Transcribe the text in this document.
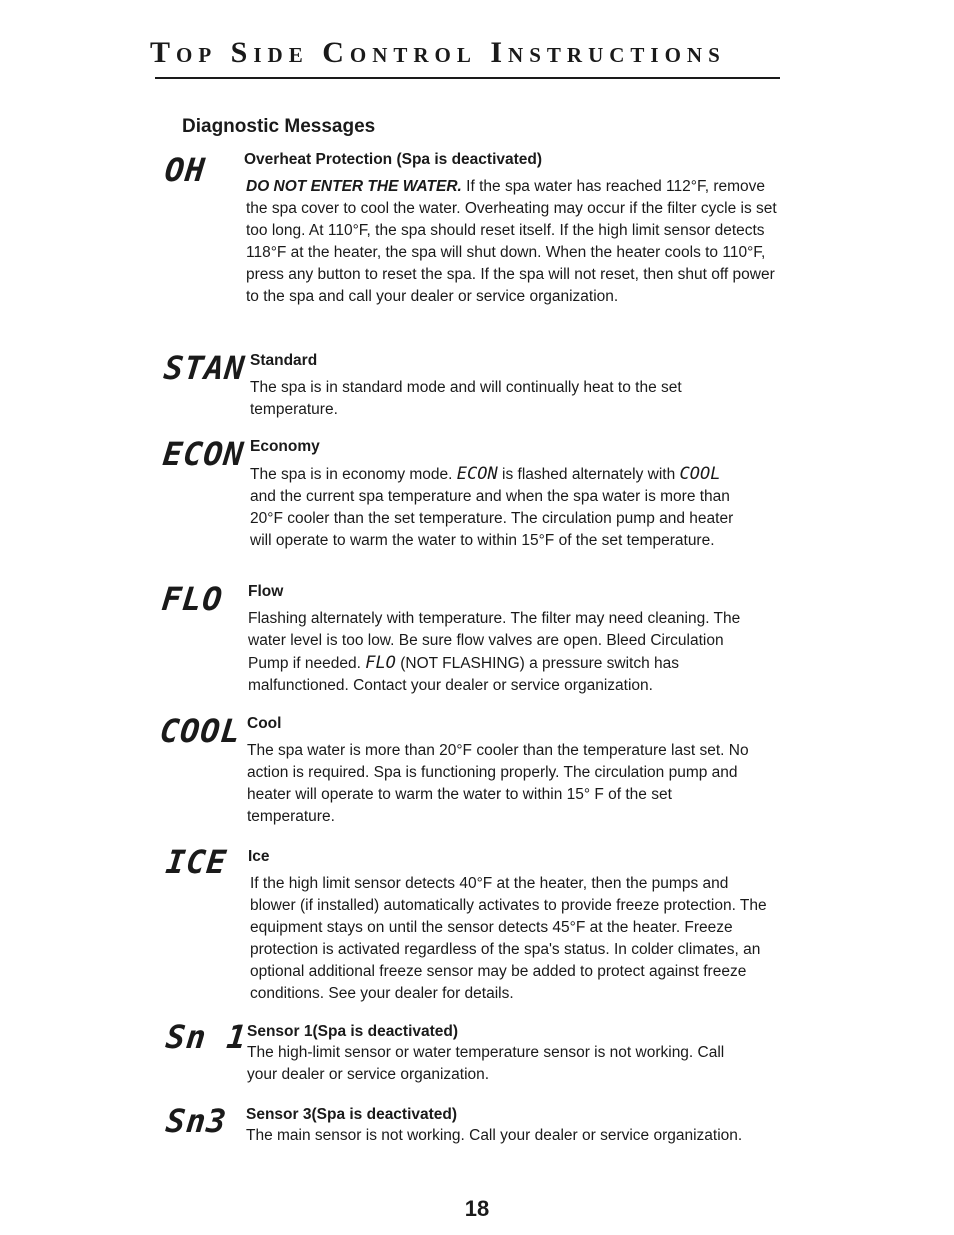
Top Side Control Instructions
Diagnostic Messages
OH Overheat Protection (Spa is deactivated)
DO NOT ENTER THE WATER. If the spa water has reached 112°F, remove the spa cover to cool the water. Overheating may occur if the filter cycle is set too long. At 110°F, the spa should reset itself. If the high limit sensor detects 118°F at the heater, the spa will shut down. When the heater cools to 110°F, press any button to reset the spa. If the spa will not reset, then shut off power to the spa and call your dealer or service organization.
STAN Standard
The spa is in standard mode and will continually heat to the set temperature.
ECON Economy
The spa is in economy mode. ECON is flashed alternately with COOL and the current spa temperature and when the spa water is more than 20°F cooler than the set temperature. The circulation pump and heater will operate to warm the water to within 15°F of the set temperature.
FLO Flow
Flashing alternately with temperature. The filter may need cleaning. The water level is too low. Be sure flow valves are open. Bleed Circulation Pump if needed. FLO (NOT FLASHING) a pressure switch has malfunctioned. Contact your dealer or service organization.
COOL Cool
The spa water is more than 20°F cooler than the temperature last set. No action is required. Spa is functioning properly. The circulation pump and heater will operate to warm the water to within 15° F of the set temperature.
ICE Ice
If the high limit sensor detects 40°F at the heater, then the pumps and blower (if installed) automatically activates to provide freeze protection. The equipment stays on until the sensor detects 45°F at the heater. Freeze protection is activated regardless of the spa's status. In colder climates, an optional additional freeze sensor may be added to protect against freeze conditions. See your dealer for details.
Sn 1
Sensor 1(Spa is deactivated)
The high-limit sensor or water temperature sensor is not working. Call your dealer or service organization.
Sn3 Sensor 3(Spa is deactivated)
The main sensor is not working. Call your dealer or service organization.
18
